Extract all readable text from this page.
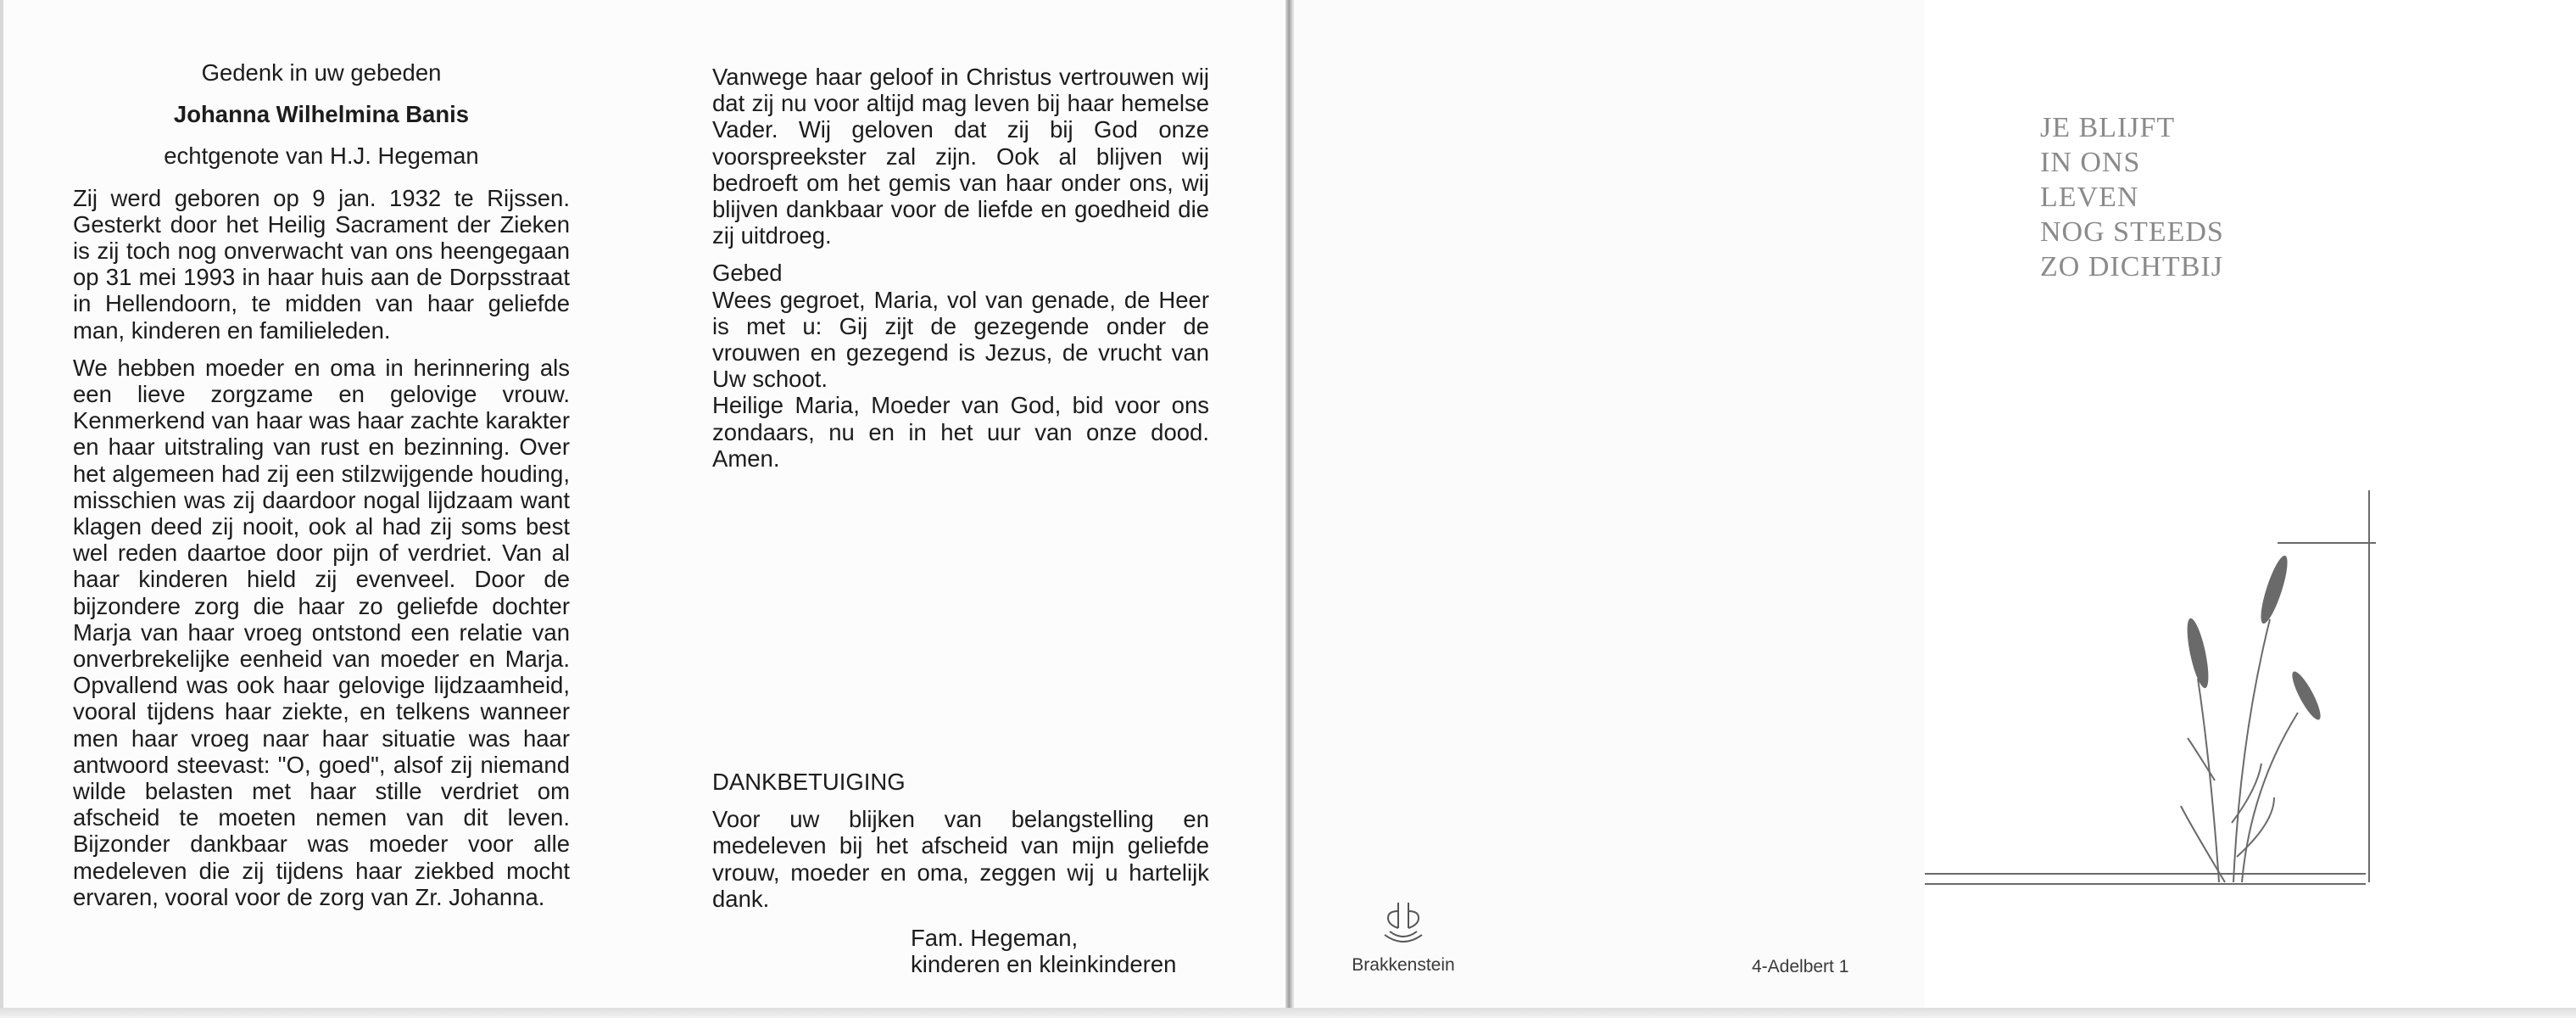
Gedenk in uw gebeden

Johanna Wilhelmina Banis

echtgenote van H.J. Hegeman

Zij werd geboren op 9 jan. 1932 te Rijssen. Gesterkt door het Heilig Sacrament der Zieken is zij toch nog onverwacht van ons heengegaan op 31 mei 1993 in haar huis aan de Dorpsstraat in Hellendoorn, te midden van haar geliefde man, kinderen en familieleden.

We hebben moeder en oma in herinnering als een lieve zorgzame en gelovige vrouw. Kenmerkend van haar was haar zachte karakter en haar uitstraling van rust en bezinning. Over het algemeen had zij een stilzwijgende houding, misschien was zij daardoor nogal lijdzaam want klagen deed zij nooit, ook al had zij soms best wel reden daartoe door pijn of verdriet. Van al haar kinderen hield zij evenveel. Door de bijzondere zorg die haar zo geliefde dochter Marja van haar vroeg ontstond een relatie van onverbrekelijke eenheid van moeder en Marja. Opvallend was ook haar gelovige lijdzaamheid, vooral tijdens haar ziekte, en telkens wanneer men haar vroeg naar haar situatie was haar antwoord steevast: "O, goed", alsof zij niemand wilde belasten met haar stille verdriet om afscheid te moeten nemen van dit leven. Bijzonder dankbaar was moeder voor alle medeleven die zij tijdens haar ziekbed mocht ervaren, vooral voor de zorg van Zr. Johanna.

Vanwege haar geloof in Christus vertrouwen wij dat zij nu voor altijd mag leven bij haar hemelse Vader. Wij geloven dat zij bij God onze voorspreekster zal zijn. Ook al blijven wij bedroeft om het gemis van haar onder ons, wij blijven dankbaar voor de liefde en goedheid die zij uitdroeg.

Gebed

Wees gegroet, Maria, vol van genade, de Heer is met u: Gij zijt de gezegende onder de vrouwen en gezegend is Jezus, de vrucht van Uw schoot.

Heilige Maria, Moeder van God, bid voor ons zondaars, nu en in het uur van onze dood. Amen.

DANKBETUIGING

Voor uw blijken van belangstelling en medeleven bij het afscheid van mijn geliefde vrouw, moeder en oma, zeggen wij u hartelijk dank.

Fam. Hegeman,
kinderen en kleinkinderen
JE BLIJFT
IN ONS
LEVEN
NOG STEEDS
ZO DICHTBIJ
Brakkenstein	4-Adelbert 1
